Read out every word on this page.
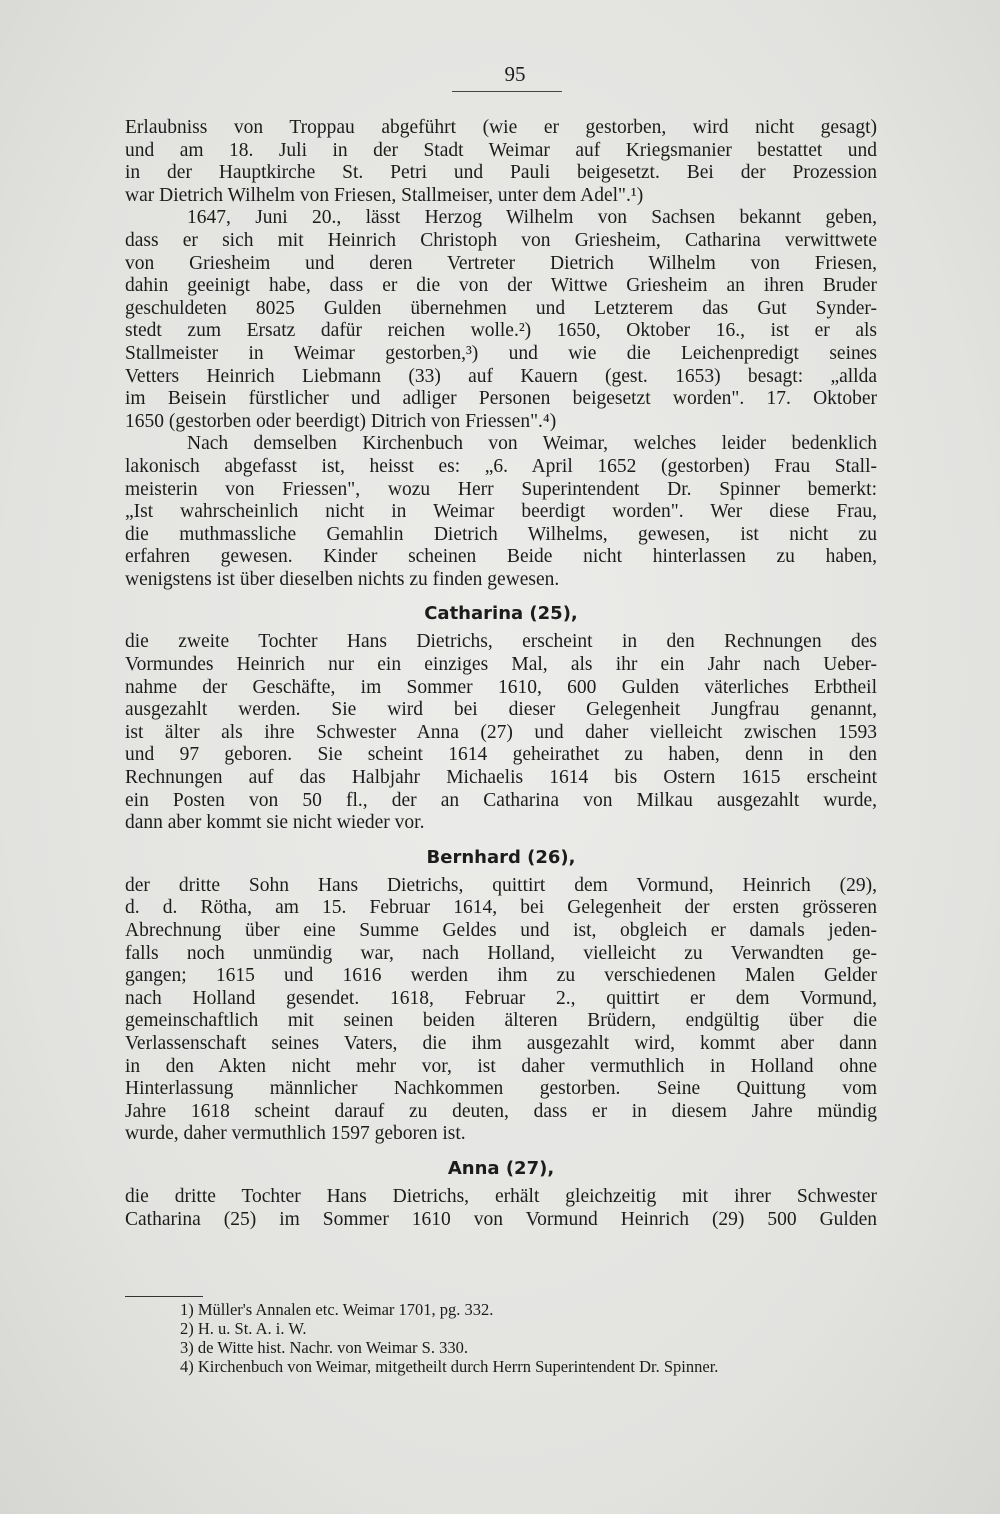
95
Erlaubniss von Troppau abgeführt (wie er gestorben, wird nicht gesagt)
und am 18. Juli in der Stadt Weimar auf Kriegsmanier bestattet und
in der Hauptkirche St. Petri und Pauli beigesetzt. Bei der Prozession
war Dietrich Wilhelm von Friesen, Stallmeiser, unter dem Adel".¹)
1647, Juni 20., lässt Herzog Wilhelm von Sachsen bekannt geben,
dass er sich mit Heinrich Christoph von Griesheim, Catharina verwittwete
von Griesheim und deren Vertreter Dietrich Wilhelm von Friesen,
dahin geeinigt habe, dass er die von der Wittwe Griesheim an ihren Bruder
geschuldeten 8025 Gulden übernehmen und Letzterem das Gut Synder-
stedt zum Ersatz dafür reichen wolle.²) 1650, Oktober 16., ist er als
Stallmeister in Weimar gestorben,³) und wie die Leichenpredigt seines
Vetters Heinrich Liebmann (33) auf Kauern (gest. 1653) besagt: „allda
im Beisein fürstlicher und adliger Personen beigesetzt worden". 17. Oktober
1650 (gestorben oder beerdigt) Ditrich von Friessen".⁴)
Nach demselben Kirchenbuch von Weimar, welches leider bedenklich
lakonisch abgefasst ist, heisst es: „6. April 1652 (gestorben) Frau Stall-
meisterin von Friessen", wozu Herr Superintendent Dr. Spinner bemerkt:
„Ist wahrscheinlich nicht in Weimar beerdigt worden". Wer diese Frau,
die muthmassliche Gemahlin Dietrich Wilhelms, gewesen, ist nicht zu
erfahren gewesen. Kinder scheinen Beide nicht hinterlassen zu haben,
wenigstens ist über dieselben nichts zu finden gewesen.
Catharina (25),
die zweite Tochter Hans Dietrichs, erscheint in den Rechnungen des
Vormundes Heinrich nur ein einziges Mal, als ihr ein Jahr nach Ueber-
nahme der Geschäfte, im Sommer 1610, 600 Gulden väterliches Erbtheil
ausgezahlt werden. Sie wird bei dieser Gelegenheit Jungfrau genannt,
ist älter als ihre Schwester Anna (27) und daher vielleicht zwischen 1593
und 97 geboren. Sie scheint 1614 geheirathet zu haben, denn in den
Rechnungen auf das Halbjahr Michaelis 1614 bis Ostern 1615 erscheint
ein Posten von 50 fl., der an Catharina von Milkau ausgezahlt wurde,
dann aber kommt sie nicht wieder vor.
Bernhard (26),
der dritte Sohn Hans Dietrichs, quittirt dem Vormund, Heinrich (29),
d. d. Rötha, am 15. Februar 1614, bei Gelegenheit der ersten grösseren
Abrechnung über eine Summe Geldes und ist, obgleich er damals jeden-
falls noch unmündig war, nach Holland, vielleicht zu Verwandten ge-
gangen; 1615 und 1616 werden ihm zu verschiedenen Malen Gelder
nach Holland gesendet. 1618, Februar 2., quittirt er dem Vormund,
gemeinschaftlich mit seinen beiden älteren Brüdern, endgültig über die
Verlassenschaft seines Vaters, die ihm ausgezahlt wird, kommt aber dann
in den Akten nicht mehr vor, ist daher vermuthlich in Holland ohne
Hinterlassung männlicher Nachkommen gestorben. Seine Quittung vom
Jahre 1618 scheint darauf zu deuten, dass er in diesem Jahre mündig
wurde, daher vermuthlich 1597 geboren ist.
Anna (27),
die dritte Tochter Hans Dietrichs, erhält gleichzeitig mit ihrer Schwester
Catharina (25) im Sommer 1610 von Vormund Heinrich (29) 500 Gulden
1) Müller's Annalen etc. Weimar 1701, pg. 332.
2) H. u. St. A. i. W.
3) de Witte hist. Nachr. von Weimar S. 330.
4) Kirchenbuch von Weimar, mitgetheilt durch Herrn Superintendent Dr. Spinner.
